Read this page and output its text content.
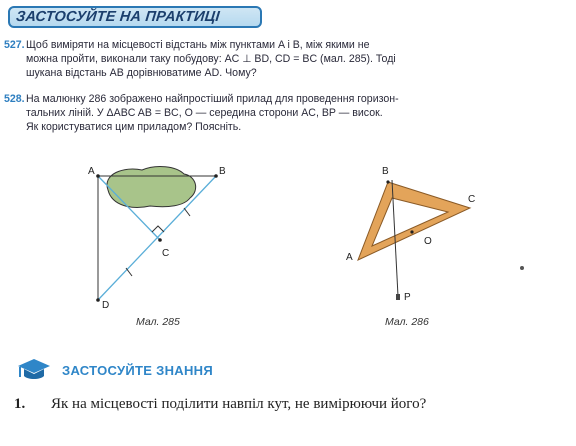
ЗАСТОСУЙТЕ НА ПРАКТИЦІ
527. Щоб виміряти на місцевості відстань між пунктами A і B, між якими не
можна пройти, виконали таку побудову: AC ⊥ BD, CD = BC (мал. 285). Тоді
шукана відстань AB дорівнюватиме AD. Чому?
528. На малюнку 286 зображено найпростіший прилад для проведення горизон-
тальних ліній. У ΔABC AB = BC, O — середина сторони AC, BP — висок.
Як користуватися цим приладом? Поясніть.
A	B
C
D
Мал. 285
B
C
O
A
P
Мал. 286
ЗАСТОСУЙТЕ ЗНАННЯ
1. Як на місцевості поділити навпіл кут, не вимірюючи його?
